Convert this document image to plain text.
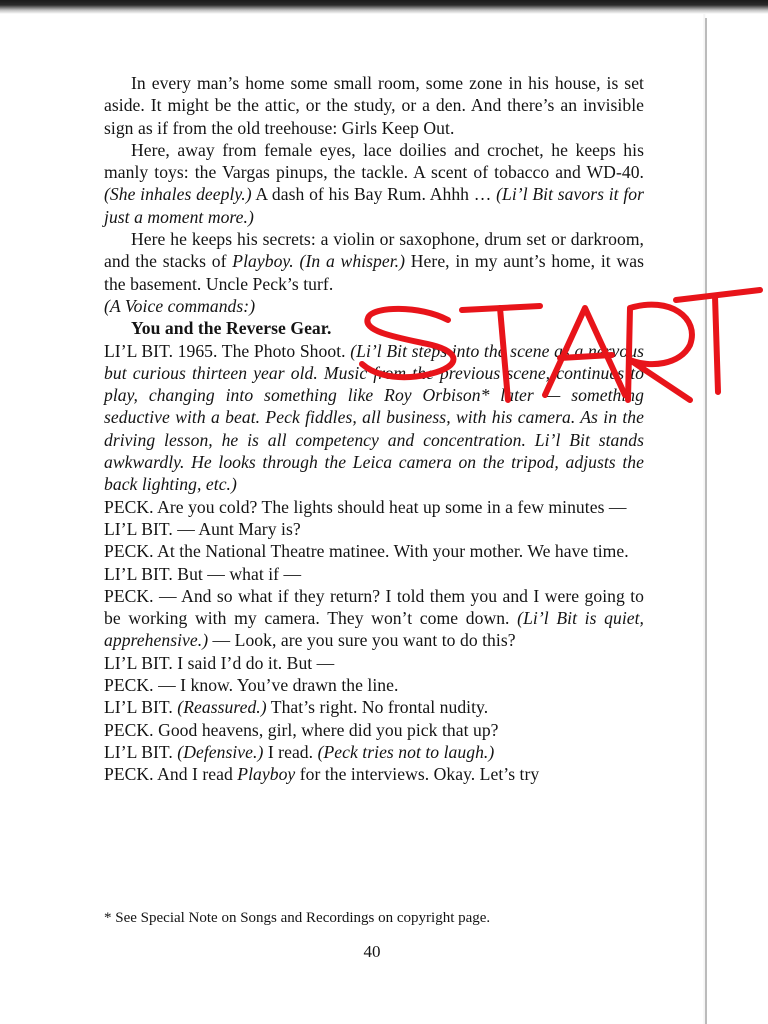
In every man’s home some small room, some zone in his house, is set aside. It might be the attic, or the study, or a den. And there’s an invisible sign as if from the old treehouse: Girls Keep Out.

Here, away from female eyes, lace doilies and crochet, he keeps his manly toys: the Vargas pinups, the tackle. A scent of tobacco and WD-40. (She inhales deeply.) A dash of his Bay Rum. Ahhh … (Li’l Bit savors it for just a moment more.)

Here he keeps his secrets: a violin or saxophone, drum set or darkroom, and the stacks of Playboy. (In a whisper.) Here, in my aunt’s home, it was the basement. Uncle Peck’s turf.

(A Voice commands:)

You and the Reverse Gear.

LI’L BIT. 1965. The Photo Shoot. (Li’l Bit steps into the scene as a nervous but curious thirteen year old. Music from the previous scene, continues to play, changing into something like Roy Orbison* later — something seductive with a beat. Peck fiddles, all business, with his camera. As in the driving lesson, he is all competency and concentration. Li’l Bit stands awkwardly. He looks through the Leica camera on the tripod, adjusts the back lighting, etc.)

PECK. Are you cold? The lights should heat up some in a few minutes —

LI’L BIT. — Aunt Mary is?

PECK. At the National Theatre matinee. With your mother. We have time.

LI’L BIT. But — what if —

PECK. — And so what if they return? I told them you and I were going to be working with my camera. They won’t come down. (Li’l Bit is quiet, apprehensive.) — Look, are you sure you want to do this?

LI’L BIT. I said I’d do it. But —

PECK. — I know. You’ve drawn the line.

LI’L BIT. (Reassured.) That’s right. No frontal nudity.

PECK. Good heavens, girl, where did you pick that up?

LI’L BIT. (Defensive.) I read. (Peck tries not to laugh.)

PECK. And I read Playboy for the interviews. Okay. Let’s try

* See Special Note on Songs and Recordings on copyright page.
40
